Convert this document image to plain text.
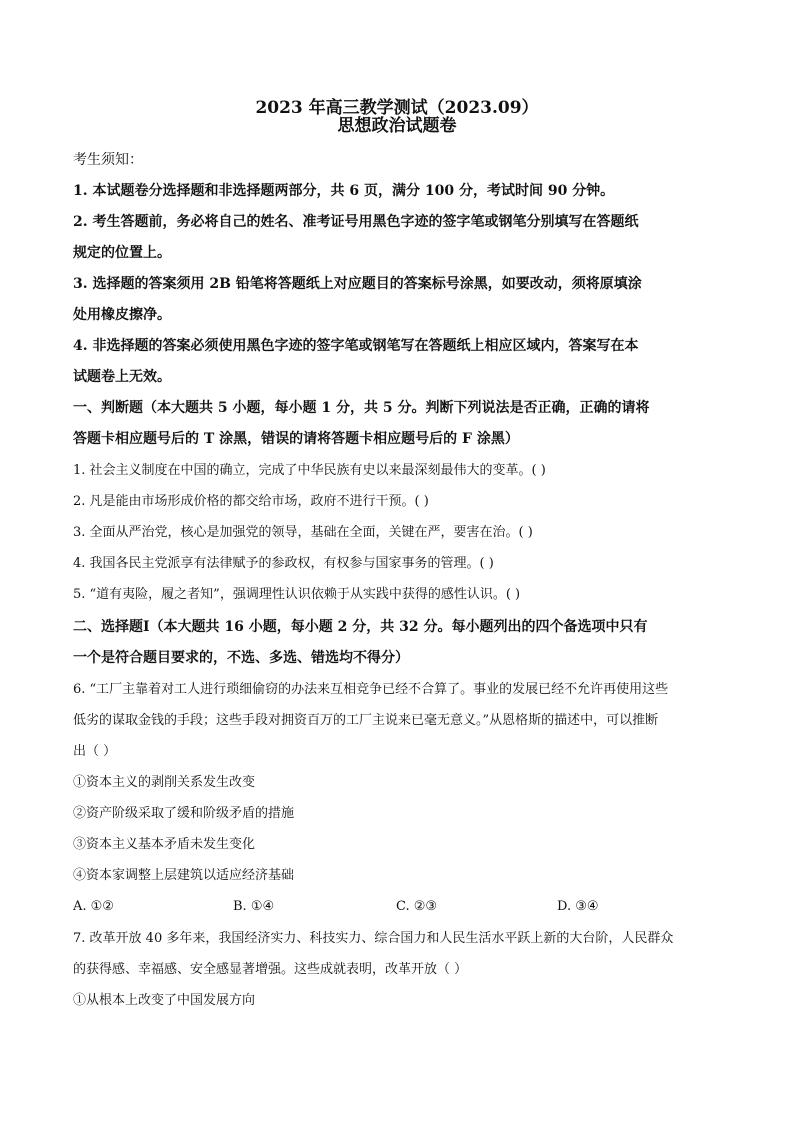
2023 年高三教学测试（2023.09）
思想政治试题卷
考生须知：
1. 本试题卷分选择题和非选择题两部分，共 6 页，满分 100 分，考试时间 90 分钟。
2. 考生答题前，务必将自己的姓名、准考证号用黑色字迹的签字笔或钢笔分别填写在答题纸
规定的位置上。
3. 选择题的答案须用 2B 铅笔将答题纸上对应题目的答案标号涂黑，如要改动，须将原填涂
处用橡皮擦净。
4. 非选择题的答案必须使用黑色字迹的签字笔或钢笔写在答题纸上相应区域内，答案写在本
试题卷上无效。
一、判断题（本大题共 5 小题，每小题 1 分，共 5 分。判断下列说法是否正确，正确的请将
答题卡相应题号后的 T 涂黑，错误的请将答题卡相应题号后的 F 涂黑）
1. 社会主义制度在中国的确立，完成了中华民族有史以来最深刻最伟大的变革。( )
2. 凡是能由市场形成价格的都交给市场，政府不进行干预。( )
3. 全面从严治党，核心是加强党的领导，基础在全面，关键在严，要害在治。( )
4. 我国各民主党派享有法律赋予的参政权，有权参与国家事务的管理。( )
5. “道有夷险，履之者知”，强调理性认识依赖于从实践中获得的感性认识。( )
二、选择题Ⅰ（本大题共 16 小题，每小题 2 分，共 32 分。每小题列出的四个备选项中只有
一个是符合题目要求的，不选、多选、错选均不得分）
6. “工厂主靠着对工人进行琐细偷窃的办法来互相竞争已经不合算了。事业的发展已经不允许再使用这些
低劣的谋取金钱的手段；这些手段对拥资百万的工厂主说来已毫无意义。”从恩格斯的描述中，可以推断
出（ ）
①资本主义的剥削关系发生改变
②资产阶级采取了缓和阶级矛盾的措施
③资本主义基本矛盾未发生变化
④资本家调整上层建筑以适应经济基础
A. ①②	B. ①④	C. ②③	D. ③④
7. 改革开放 40 多年来，我国经济实力、科技实力、综合国力和人民生活水平跃上新的大台阶，人民群众
的获得感、幸福感、安全感显著增强。这些成就表明，改革开放（ ）
①从根本上改变了中国发展方向
